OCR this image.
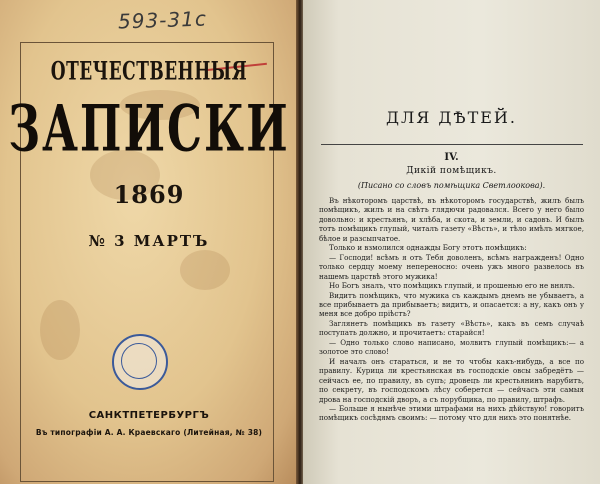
593-31c
ОТЕЧЕСТВЕННЫЯ
ЗАПИСКИ
1869
№ 3 МАРТЪ
САНКТПЕТЕРБУРГЪ
Въ типографіи А. А. Краевскаго (Литейная, № 38)
ДЛЯ ДѢТЕЙ.
IV.
Дикій помѣщикъ.
(Писано со словъ помѣщика Светлоокова).

Въ нѣкоторомъ царствѣ, въ нѣкоторомъ государствѣ, жилъ былъ помѣщикъ, жилъ и на свѣтъ глядючи радовался. Всего у него было довольно: и крестьянъ, и хлѣба, и скота, и земли, и садовъ. И былъ тотъ помѣщикъ глупый, читалъ газету «Вѣсть», и тѣло имѣлъ мягкое, бѣлое и разсыпчатое.

Только и взмолился однажды Богу этотъ помѣщикъ:

— Господи! всѣмъ я отъ Тебя доволенъ, всѣмъ награжденъ! Одно только сердцу моему непереносно: очень ужъ много развелось въ нашемъ царствѣ этого мужика!

Но Богъ зналъ, что помѣщикъ глупый, и прошенью его не внялъ.

Видитъ помѣщикъ, что мужика съ каждымъ днемъ не убываетъ, а все прибываетъ да прибываетъ; видитъ, и опасается: а ну, какъ онъ у меня все добро пріѣстъ?

Заглянетъ помѣщикъ въ газету «Вѣсть», какъ въ семъ случаѣ поступать должно, и прочитаетъ: старайся!

— Одно только слово написано, молвитъ глупый помѣщикъ:— а золотое это слово!

И началъ онъ стараться, и не то чтобы какъ-нибудь, а все по правилу. Курица ли крестьянская въ господскіе овсы забредётъ — сейчасъ ее, по правилу, въ супъ; дровецъ ли крестьянинъ нарубитъ, по секрету, въ господскомъ лѣсу соберется — сейчасъ эти самыя дрова на господскій дворъ, а съ порубщика, по правилу, штрафъ.

— Больше я нынѣче этими штрафами на нихъ дѣйствую! говоритъ помѣщикъ сосѣдямъ своимъ: — потому что для нихъ это понятнѣе.
